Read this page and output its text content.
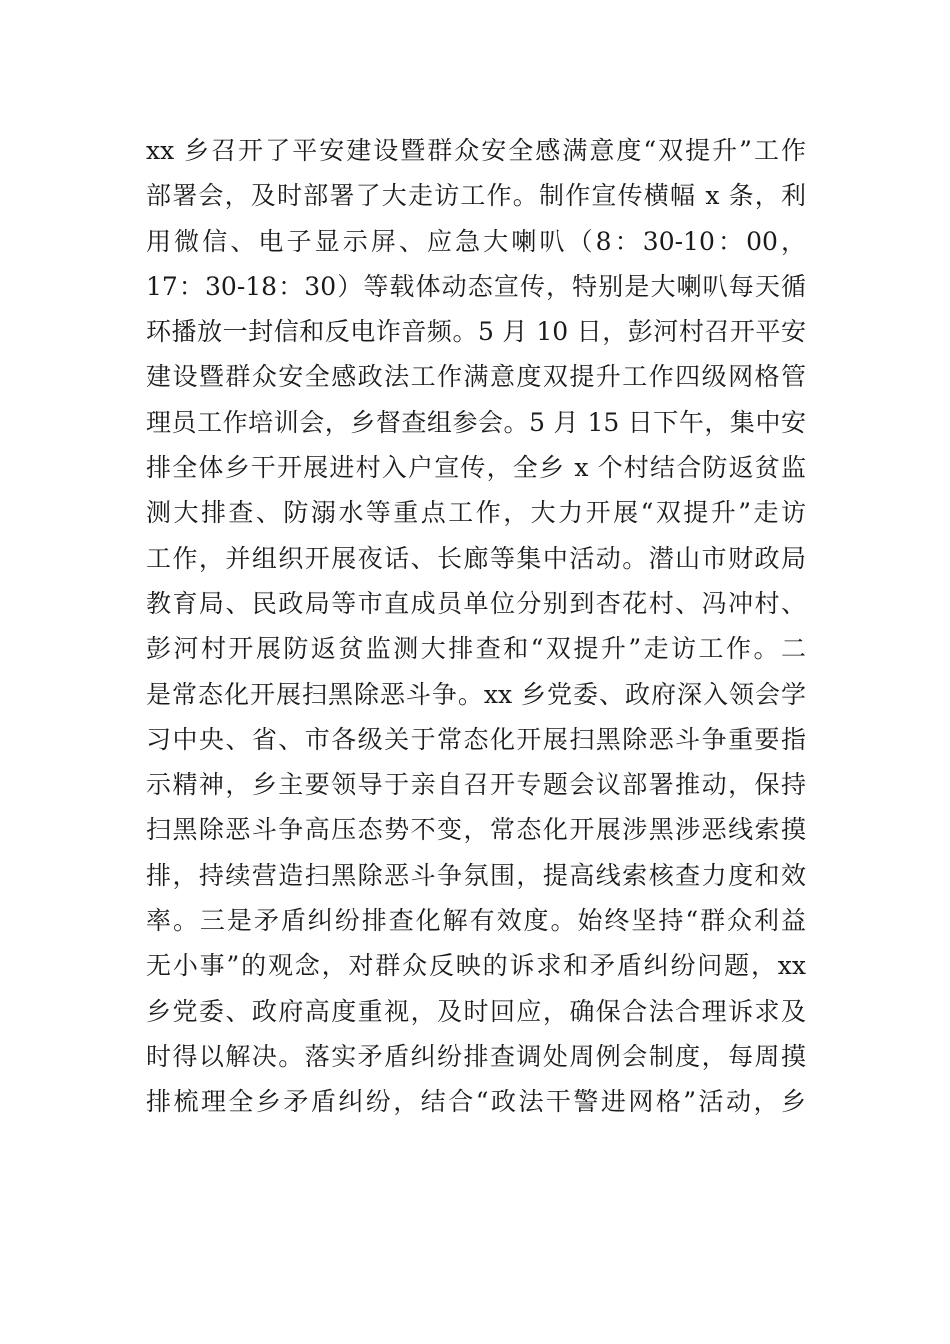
xx 乡召开了平安建设暨群众安全感满意度“双提升”工作
部署会，及时部署了大走访工作。制作宣传横幅 x 条，利
用微信、电子显示屏、应急大喇叭（8：30-10：00，
17：30-18：30）等载体动态宣传，特别是大喇叭每天循
环播放一封信和反电诈音频。5 月 10 日，彭河村召开平安
建设暨群众安全感政法工作满意度双提升工作四级网格管
理员工作培训会，乡督查组参会。5 月 15 日下午，集中安
排全体乡干开展进村入户宣传，全乡 x 个村结合防返贫监
测大排查、防溺水等重点工作，大力开展“双提升”走访
工作，并组织开展夜话、长廊等集中活动。潜山市财政局
教育局、民政局等市直成员单位分别到杏花村、冯冲村、
彭河村开展防返贫监测大排查和“双提升”走访工作。二
是常态化开展扫黑除恶斗争。xx 乡党委、政府深入领会学
习中央、省、市各级关于常态化开展扫黑除恶斗争重要指
示精神，乡主要领导于亲自召开专题会议部署推动，保持
扫黑除恶斗争高压态势不变，常态化开展涉黑涉恶线索摸
排，持续营造扫黑除恶斗争氛围，提高线索核查力度和效
率。三是矛盾纠纷排查化解有效度。始终坚持“群众利益
无小事”的观念，对群众反映的诉求和矛盾纠纷问题，xx
乡党委、政府高度重视，及时回应，确保合法合理诉求及
时得以解决。落实矛盾纠纷排查调处周例会制度，每周摸
排梳理全乡矛盾纠纷，结合“政法干警进网格”活动，乡
